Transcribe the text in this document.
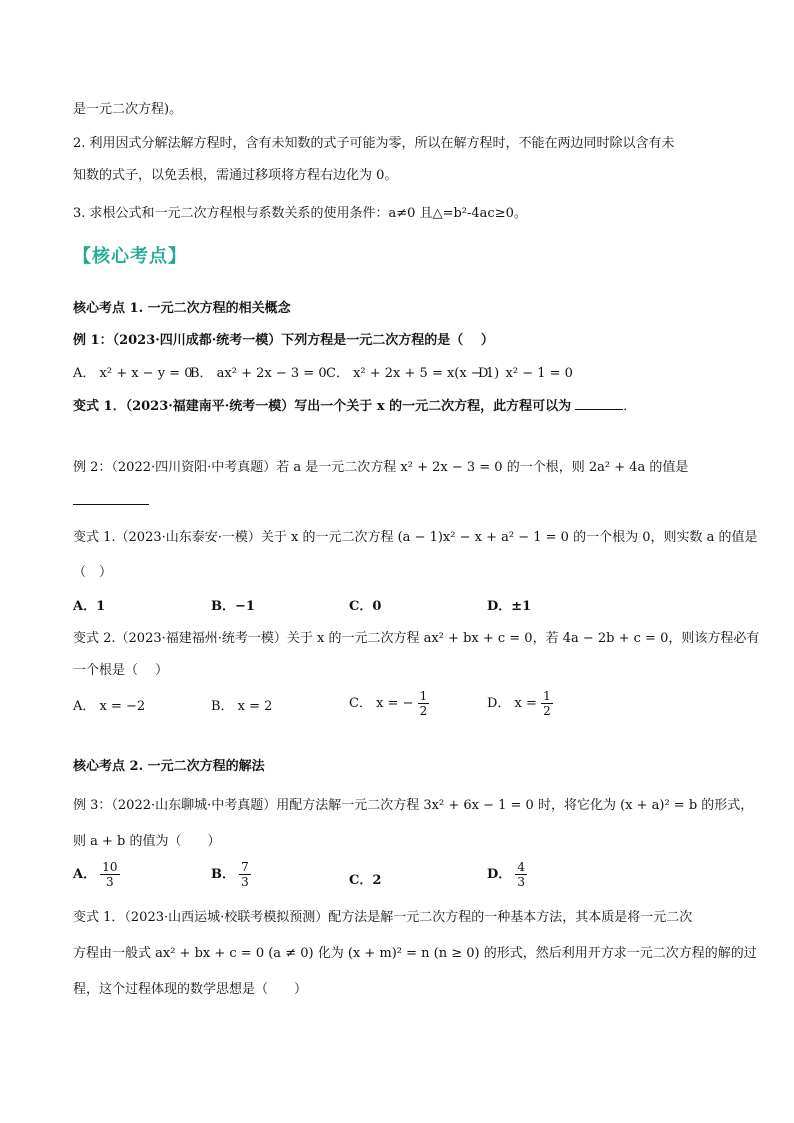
是一元二次方程)。
2. 利用因式分解法解方程时，含有未知数的式子可能为零，所以在解方程时，不能在两边同时除以含有未
知数的式子，以免丢根，需通过移项将方程右边化为 0。
3. 求根公式和一元二次方程根与系数关系的使用条件：a≠0 且△=b²-4ac≥0。
【核心考点】
核心考点 1. 一元二次方程的相关概念
例 1：（2023·四川成都·统考一模）下列方程是一元二次方程的是（　 ）
A． x² + x − y = 0
B． ax² + 2x − 3 = 0 C． x² + 2x + 5 = x(x − 1)
D． x² − 1 = 0
变式 1．（2023·福建南平·统考一模）写出一个关于 x 的一元二次方程，此方程可以为	．
例 2：（2022·四川资阳·中考真题）若 a 是一元二次方程 x² + 2x − 3 = 0 的一个根，则 2a² + 4a 的值是
变式 1.（2023·山东泰安·一模）关于 x 的一元二次方程 (a − 1)x² − x + a² − 1 = 0 的一个根为 0，则实数 a 的值是
（　）
A．1	B．−1	C．0	D．±1
变式 2.（2023·福建福州·统考一模）关于 x 的一元二次方程 ax² + bx + c = 0，若 4a − 2b + c = 0，则该方程必有
一个根是（　 ）
A． x = −2	B． x = 2	C． x = − $\frac{1}{2}$	D． $x = \frac{1}{2}$
核心考点 2. 一元二次方程的解法
例 3：（2022·山东聊城·中考真题）用配方法解一元二次方程 3x² + 6x − 1 = 0 时，将它化为 (x + a)² = b 的形式，
则 a + b 的值为（　　）
A． $\frac{10}{3}$	B． $\frac{7}{3}$	C．2	D． $\frac{4}{3}$
变式 1．（2023·山西运城·校联考模拟预测）配方法是解一元二次方程的一种基本方法，其本质是将一元二次
方程由一般式 ax² + bx + c = 0 (a ≠ 0) 化为 (x + m)² = n (n ≥ 0) 的形式，然后利用开方求一元二次方程的解的过
程，这个过程体现的数学思想是（　　）
